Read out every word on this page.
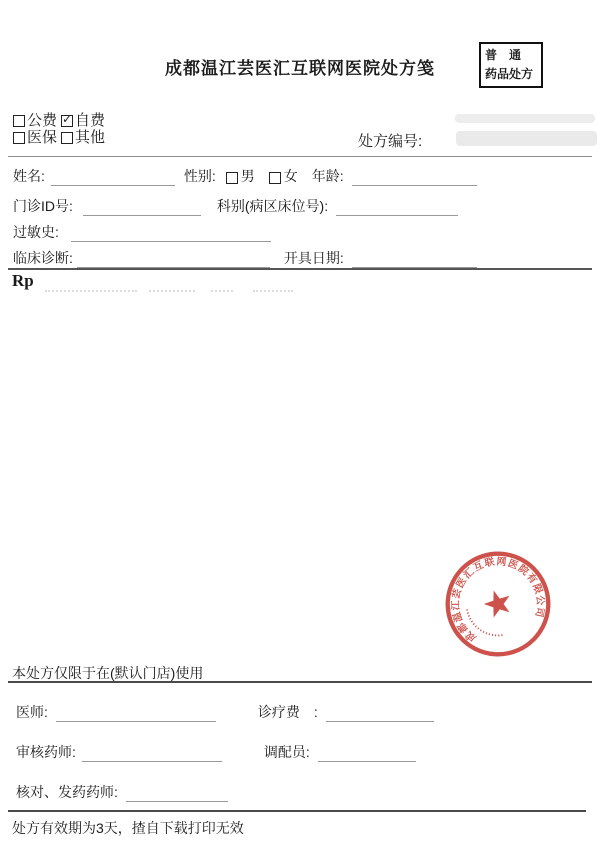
成都温江芸医汇互联网医院处方笺
普　通
药品处方
公费 ✓ 自费
医保 其他	处方编号:
姓名:	性别: 男 女 年龄:
门诊ID号:	科别(病区床位号):
过敏史:
临床诊断:	开具日期:
Rp
成都温江芸医汇互联网医院有限公司
本处方仅限于在(默认门店)使用
医师:	诊疗费　:
审核药师:	调配员:
核对、发药药师:
处方有效期为3天，揸自下载打印无效
